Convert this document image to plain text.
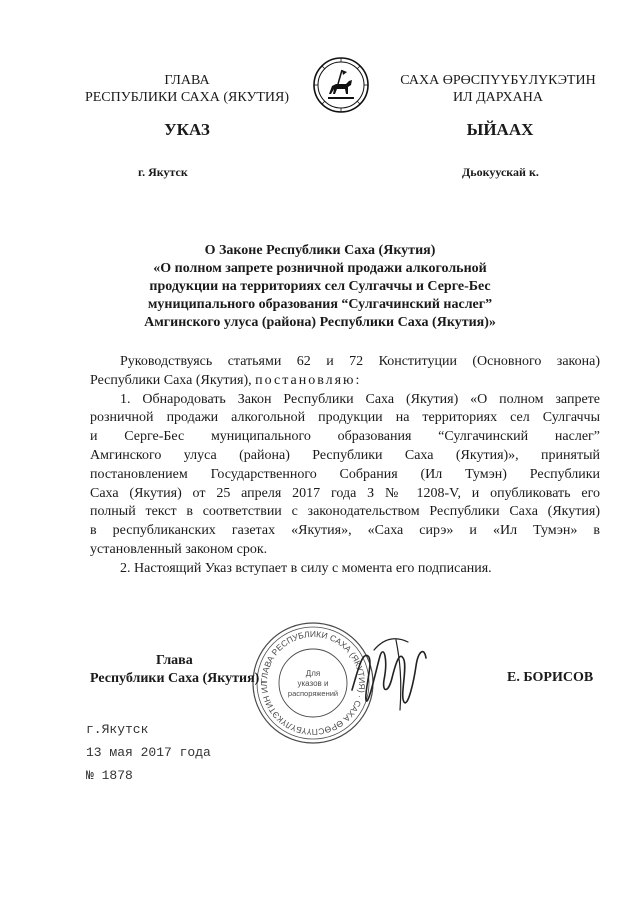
ГЛАВА
РЕСПУБЛИКИ САХА (ЯКУТИЯ)
САХА ӨРӨСПҮҮБҮЛҮКЭТИН
ИЛ ДАРХАНА
УКАЗ	ЫЙААХ
г. Якутск	Дьокуускай к.
О Законе Республики Саха (Якутия)
«О полном запрете розничной продажи алкогольной
продукции на территориях сел Сулгаччы и Серге-Бес
муниципального образования “Сулгачинский наслег”
Амгинского улуса (района) Республики Саха (Якутия)»
Руководствуясь статьями 62 и 72 Конституции (Основного закона)
Республики Саха (Якутия), постановляю:
1. Обнародовать Закон Республики Саха (Якутия) «О полном запрете
розничной продажи алкогольной продукции на территориях сел Сулгаччы
и Серге-Бес муниципального образования “Сулгачинский наслег”
Амгинского улуса (района) Республики Саха (Якутия)», принятый
постановлением Государственного Собрания (Ил Тумэн) Республики
Саха (Якутия) от 25 апреля 2017 года З № 1208-V, и опубликовать его
полный текст в соответствии с законодательством Республики Саха (Якутия)
в республиканских газетах «Якутия», «Саха сирэ» и «Ил Тумэн» в
установленный законом срок.
2. Настоящий Указ вступает в силу с момента его подписания.
ГЛАВА РЕСПУБЛИКИ САХА (ЯКУТИЯ) · САХА ӨРӨСПҮҮБҮЛҮКЭТИН ИЛ
Для
указов и
распоряжений
Глава
Республики Саха (Якутия)	Е. БОРИСОВ
г.Якутск
13 мая 2017 года
№ 1878
